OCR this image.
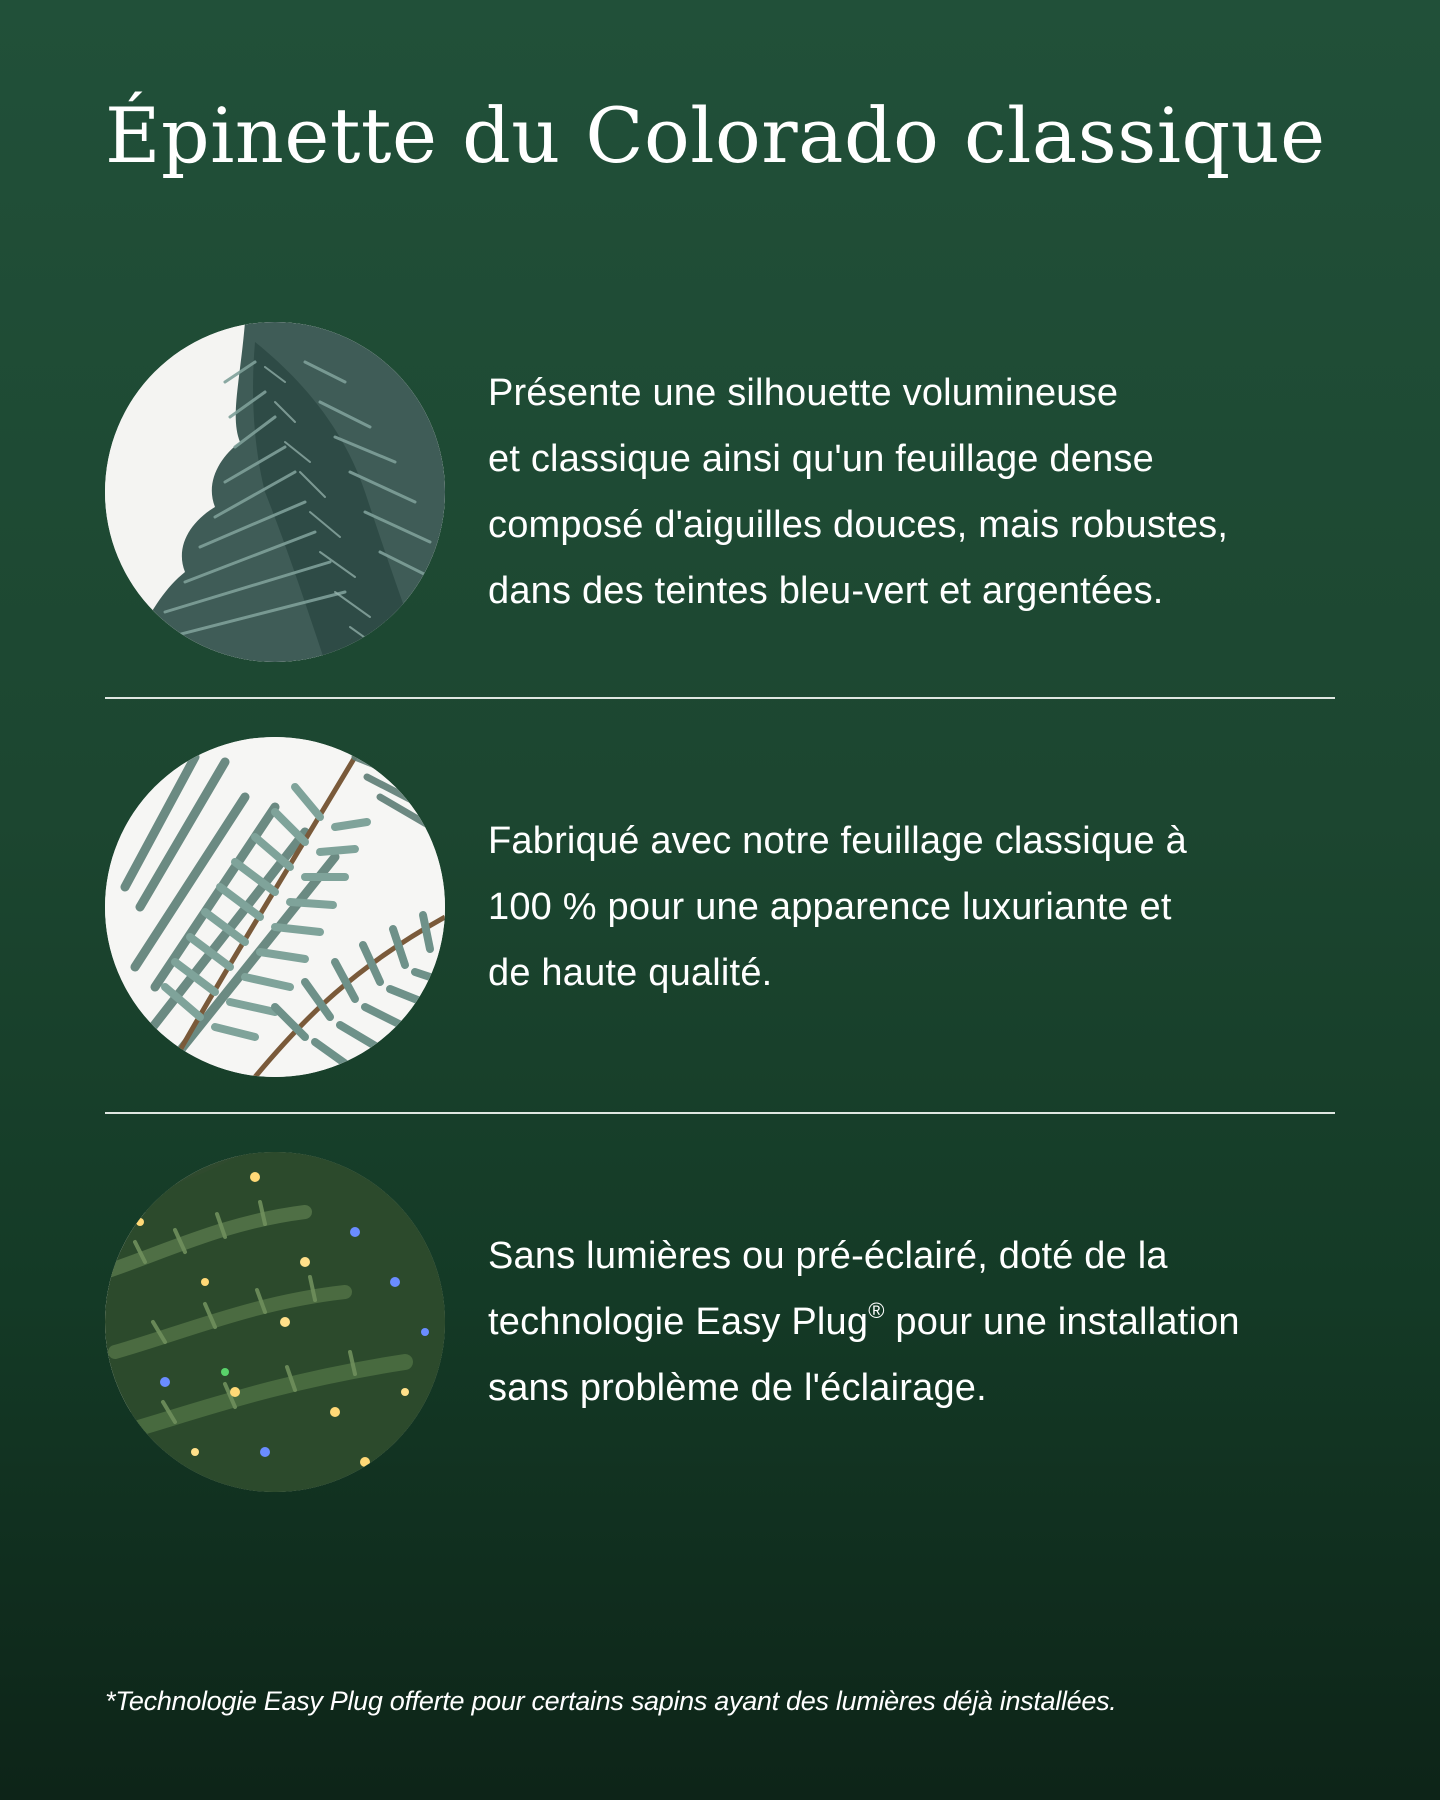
Épinette du Colorado classique

Présente une silhouette volumineuse
et classique ainsi qu'un feuillage dense
composé d'aiguilles douces, mais robustes,
dans des teintes bleu-vert et argentées.

Fabriqué avec notre feuillage classique à
100 % pour une apparence luxuriante et
de haute qualité.

Sans lumières ou pré-éclairé, doté de la
technologie Easy Plug® pour une installation
sans problème de l'éclairage.

*Technologie Easy Plug offerte pour certains sapins ayant des lumières déjà installées.
